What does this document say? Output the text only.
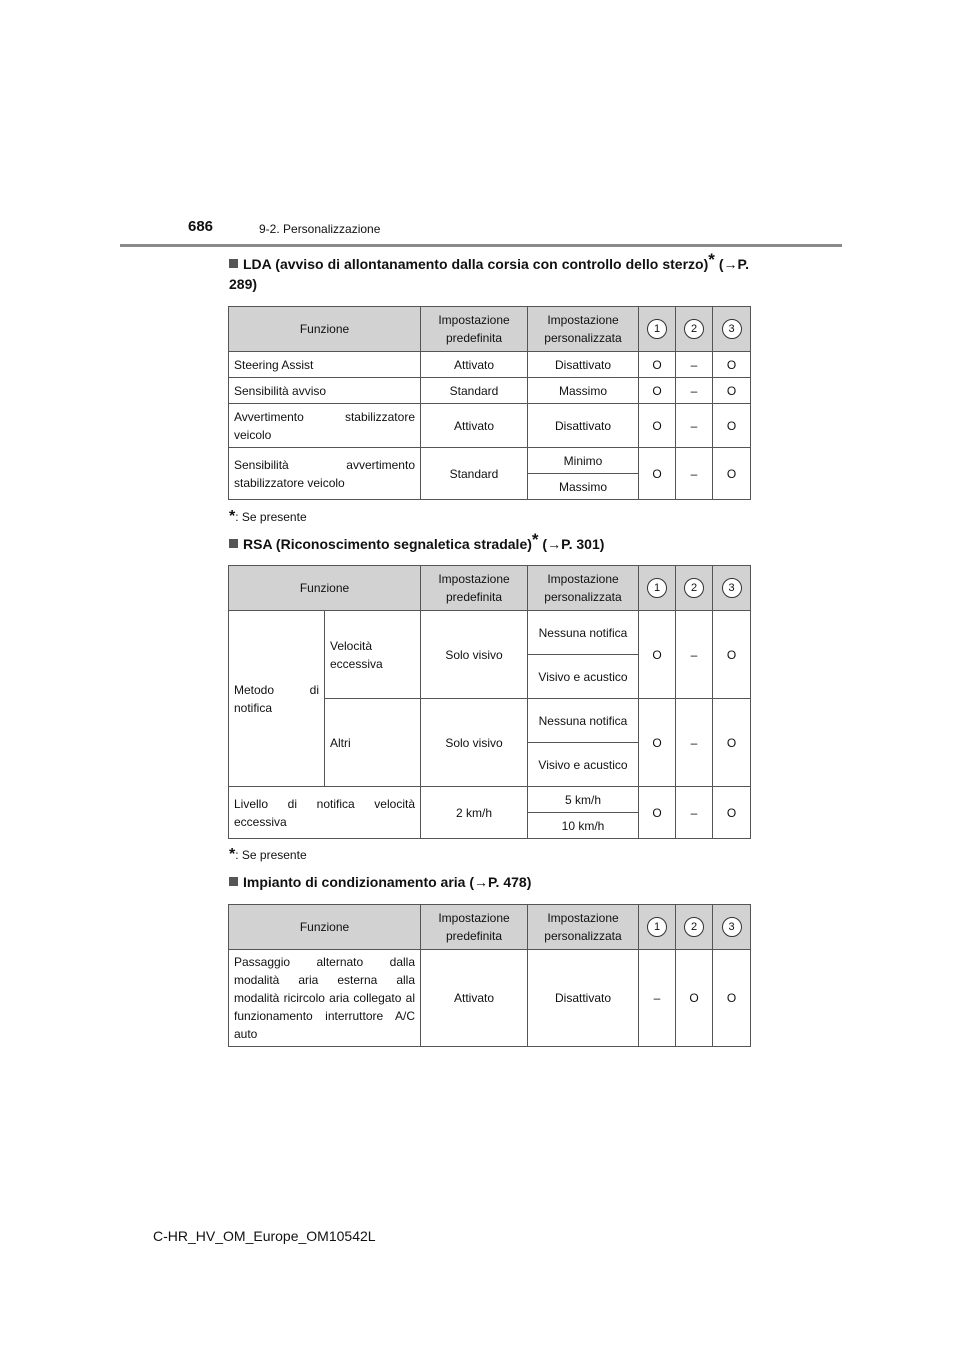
686	9-2. Personalizzazione
LDA (avviso di allontanamento dalla corsia con controllo dello sterzo)* (→P. 289)
Funzione	Impostazione predefinita	Impostazione personalizzata	1	2	3
Steering Assist	Attivato	Disattivato	O	–	O
Sensibilità avviso	Standard	Massimo	O	–	O
Avvertimento stabilizzatore veicolo	Attivato	Disattivato	O	–	O
Sensibilità avvertimento stabilizzatore veicolo	Standard	Minimo	O	–	O
		Massimo			
*: Se presente
RSA (Riconoscimento segnaletica stradale)* (→P. 301)
Funzione		Impostazione predefinita	Impostazione personalizzata	1	2	3
Metodo di notifica	Velocità eccessiva	Solo visivo	Nessuna notifica	O	–	O
			Visivo e acustico			
	Altri	Solo visivo	Nessuna notifica	O	–	O
			Visivo e acustico			
Livello di notifica velocità eccessiva		2 km/h	5 km/h	O	–	O
			10 km/h			
*: Se presente
Impianto di condizionamento aria (→P. 478)
Funzione	Impostazione predefinita	Impostazione personalizzata	1	2	3
Passaggio alternato dalla modalità aria esterna alla modalità ricircolo aria collegato al funzionamento interruttore A/C auto	Attivato	Disattivato	–	O	O
C-HR_HV_OM_Europe_OM10542L
